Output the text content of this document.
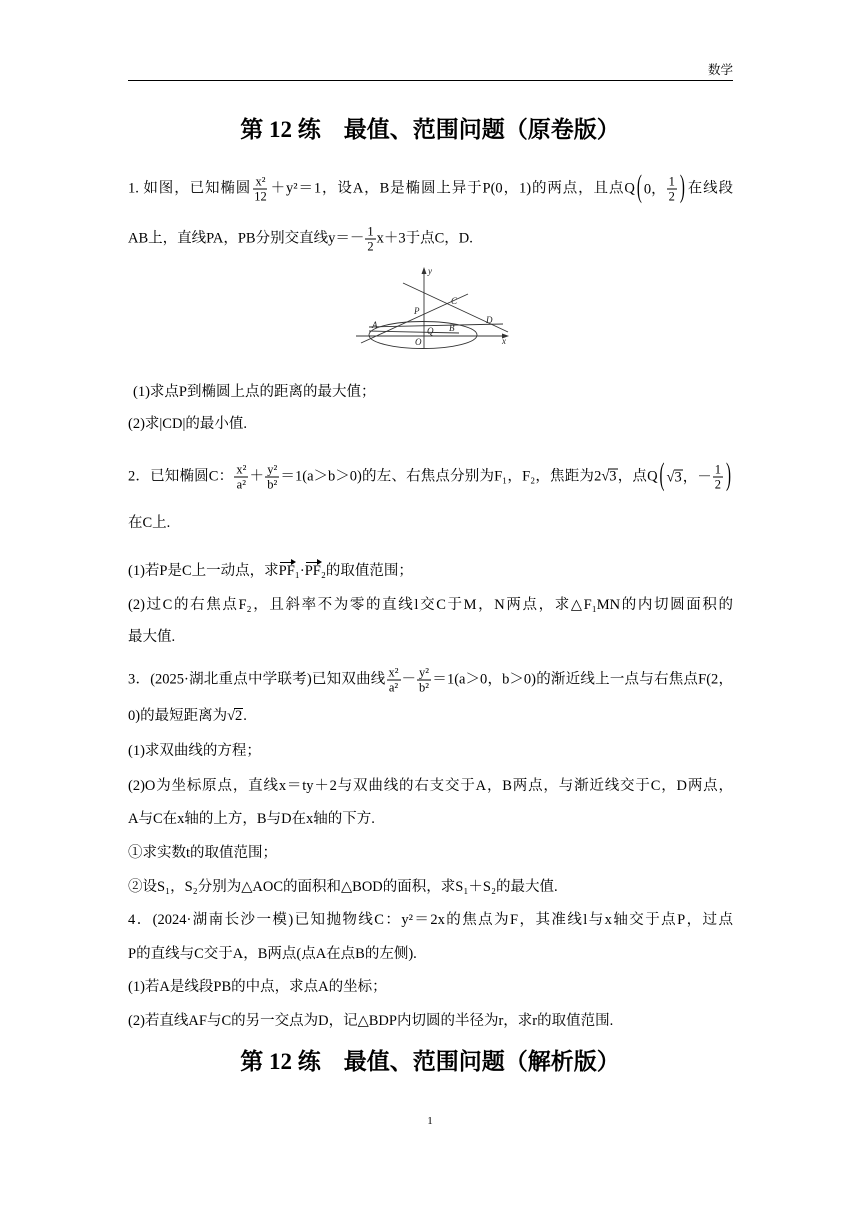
数学
第 12 练　最值、范围问题（原卷版）
1. 如图，已知椭圆 $\frac{\text{x²}}{12} +y^2=1$，设A，B是椭圆上异于P(0，1)的两点，且点Q ( 0， $\frac{1}{2}$ ) 在线段
AB上，直线PA，PB分别交直线$y=- \frac{1}{2} x+3$于点C，D.
y
x
O
P
Q
A	B
C
D
(1)求点P到椭圆上点的距离的最大值；
(2)求|CD|的最小值.
2．已知椭圆C： $\frac{\text{x²}}{\text{a²}} + \frac{\text{y²}}{\text{b²}} =1(a>b>0)$的左、右焦点分别为F₁，F₂，焦距为2√3，点Q ( √ 3 ，－ $\frac{1}{2}$ )
在C上.
(1)若P是C上一动点，求PF₁·PF₂的取值范围；
(2)过C的右焦点F₂，且斜率不为零的直线l交C于M，N两点，求△F₁MN的内切圆面积的
最大值.
3．(2025·湖北重点中学联考)已知双曲线 $\frac{\text{x²}}{\text{a²}} - \frac{\text{y²}}{\text{b²}} =1(a>0$，b＞0)的渐近线上一点与右焦点F(2，
0)的最短距离为√2.
(1)求双曲线的方程；
(2)O为坐标原点，直线x＝ty＋2与双曲线的右支交于A，B两点，与渐近线交于C，D两点，
A与C在x轴的上方，B与D在x轴的下方.
①求实数t的取值范围；
②设S₁，S₂分别为△AOC的面积和△BOD的面积，求S₁＋S₂的最大值.
4．(2024·湖南长沙一模)已知抛物线C：y²＝2x的焦点为F，其准线l与x轴交于点P，过点
P的直线与C交于A，B两点(点A在点B的左侧).
(1)若A是线段PB的中点，求点A的坐标；
(2)若直线AF与C的另一交点为D，记△BDP内切圆的半径为r，求r的取值范围.
第 12 练　最值、范围问题（解析版）
1
